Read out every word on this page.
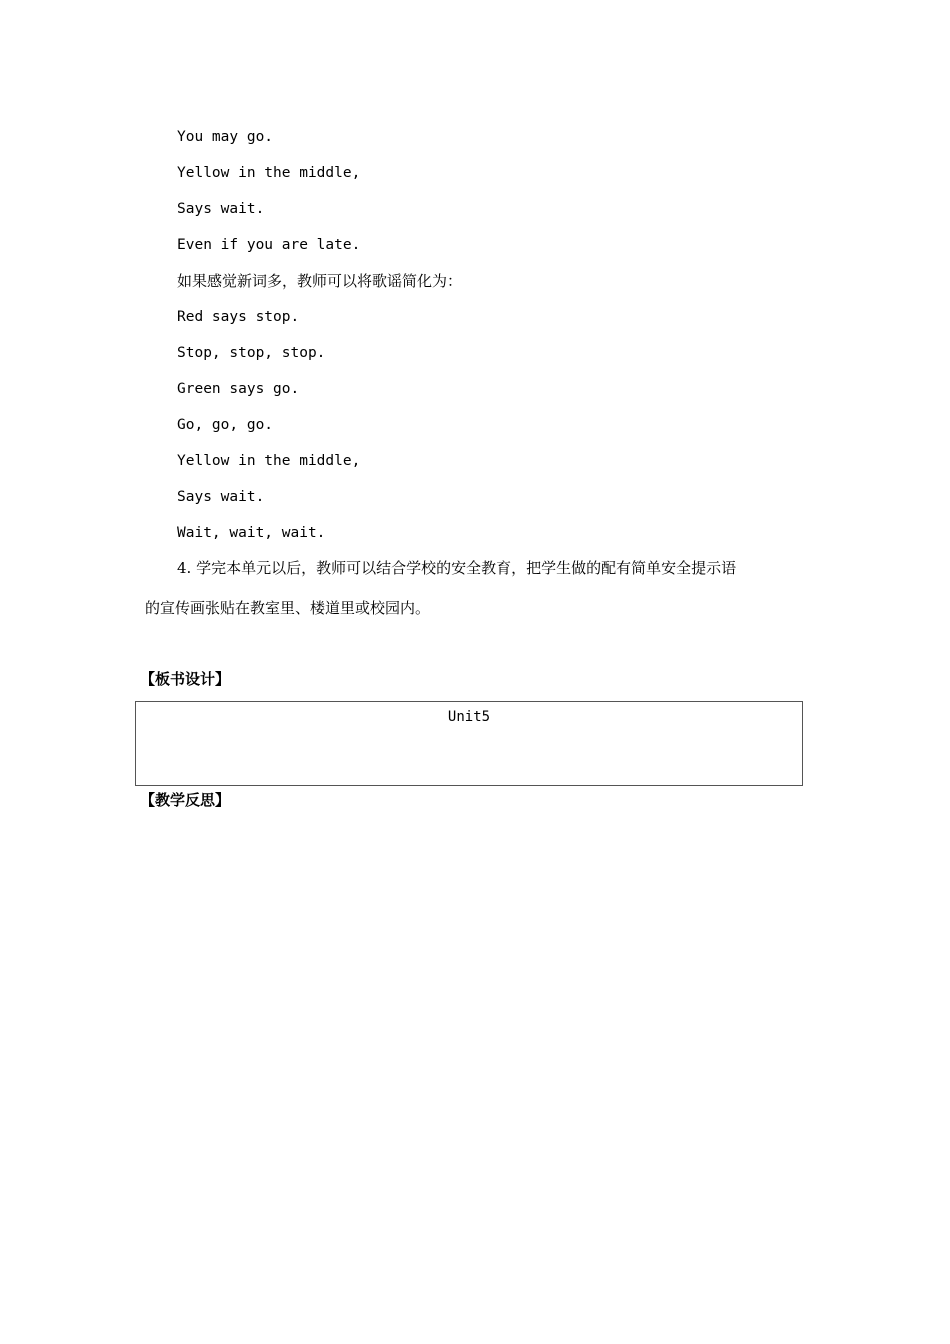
You may go.
Yellow in the middle,
Says wait.
Even if you are late.
如果感觉新词多，教师可以将歌谣简化为：
Red says stop.
Stop, stop, stop.
Green says go.
Go, go, go.
Yellow in the middle,
Says wait.
Wait, wait, wait.
4. 学完本单元以后，教师可以结合学校的安全教育，把学生做的配有简单安全提示语
的宣传画张贴在教室里、楼道里或校园内。
【板书设计】
Unit5
【教学反思】
